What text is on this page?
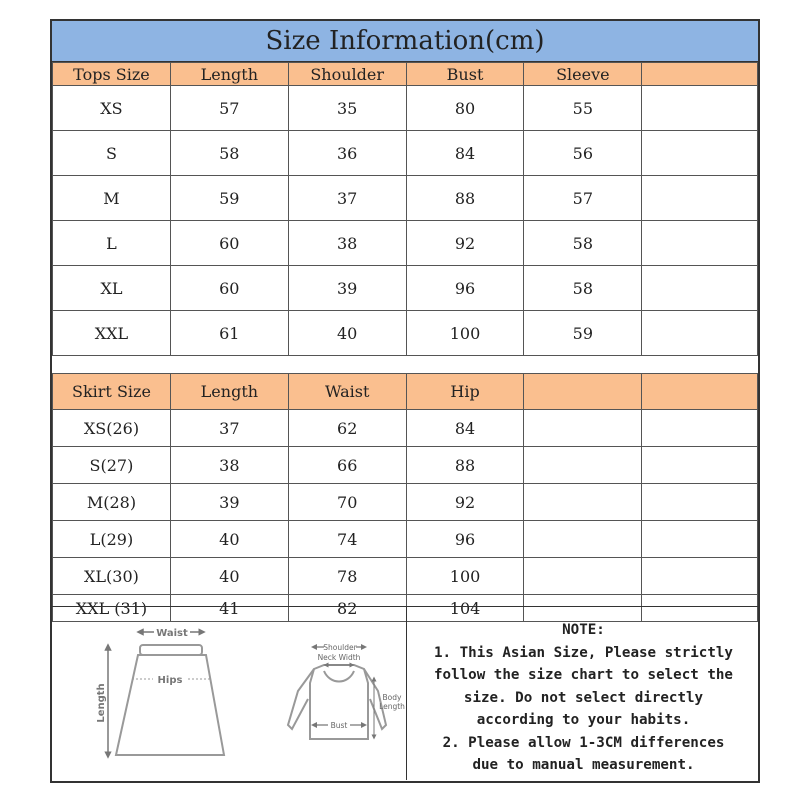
Size Information(cm)
Tops Size	Length	Shoulder	Bust	Sleeve	
XS	57	35	80	55	
S	58	36	84	56	
M	59	37	88	57	
L	60	38	92	58	
XL	60	39	96	58	
XXL	61	40	100	59	
Skirt Size	Length	Waist	Hip		
XS(26)	37	62	84		
S(27)	38	66	88		
M(28)	39	70	92		
L(29)	40	74	96		
XL(30)	40	78	100		
XXL (31)	41	82	104		
Waist
Hips
Length
Shoulder
Neck Width
Bust
Body
Length
NOTE:
1. This Asian Size, Please strictly
follow the size chart to select the
size. Do not select directly
according to your habits.
2. Please allow 1-3CM differences
due to manual measurement.
